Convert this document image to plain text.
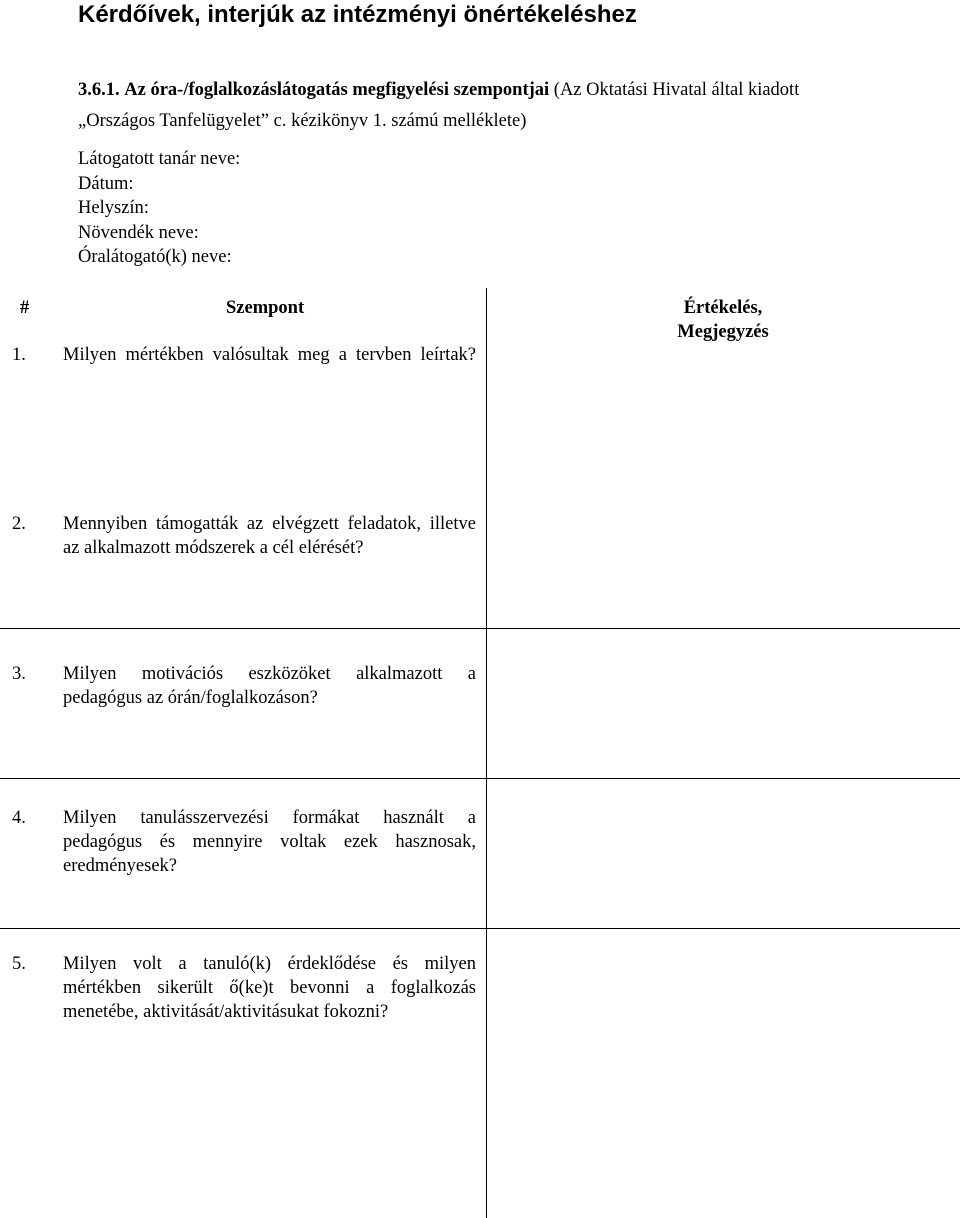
Kérdőívek, interjúk az intézményi önértékeléshez
3.6.1. Az óra-/foglalkozáslátogatás megfigyelési szempontjai (Az Oktatási Hivatal által kiadott „Országos Tanfelügyelet” c. kézikönyv 1. számú melléklete)
Látogatott tanár neve:
Dátum:
Helyszín:
Növendék neve:
Óralátogató(k) neve:
#	Szempont	Értékelés,
Megjegyzés
1. Milyen mértékben valósultak meg a tervben leírtak?
2. Mennyiben támogatták az elvégzett feladatok, illetve az alkalmazott módszerek a cél elérését?
3. Milyen motivációs eszközöket alkalmazott a pedagógus az órán/foglalkozáson?
4. Milyen tanulásszervezési formákat használt a pedagógus és mennyire voltak ezek hasznosak, eredményesek?
5. Milyen volt a tanuló(k) érdeklődése és milyen mértékben sikerült ő(ke)t bevonni a foglalkozás menetébe, aktivitását/aktivitásukat fokozni?
